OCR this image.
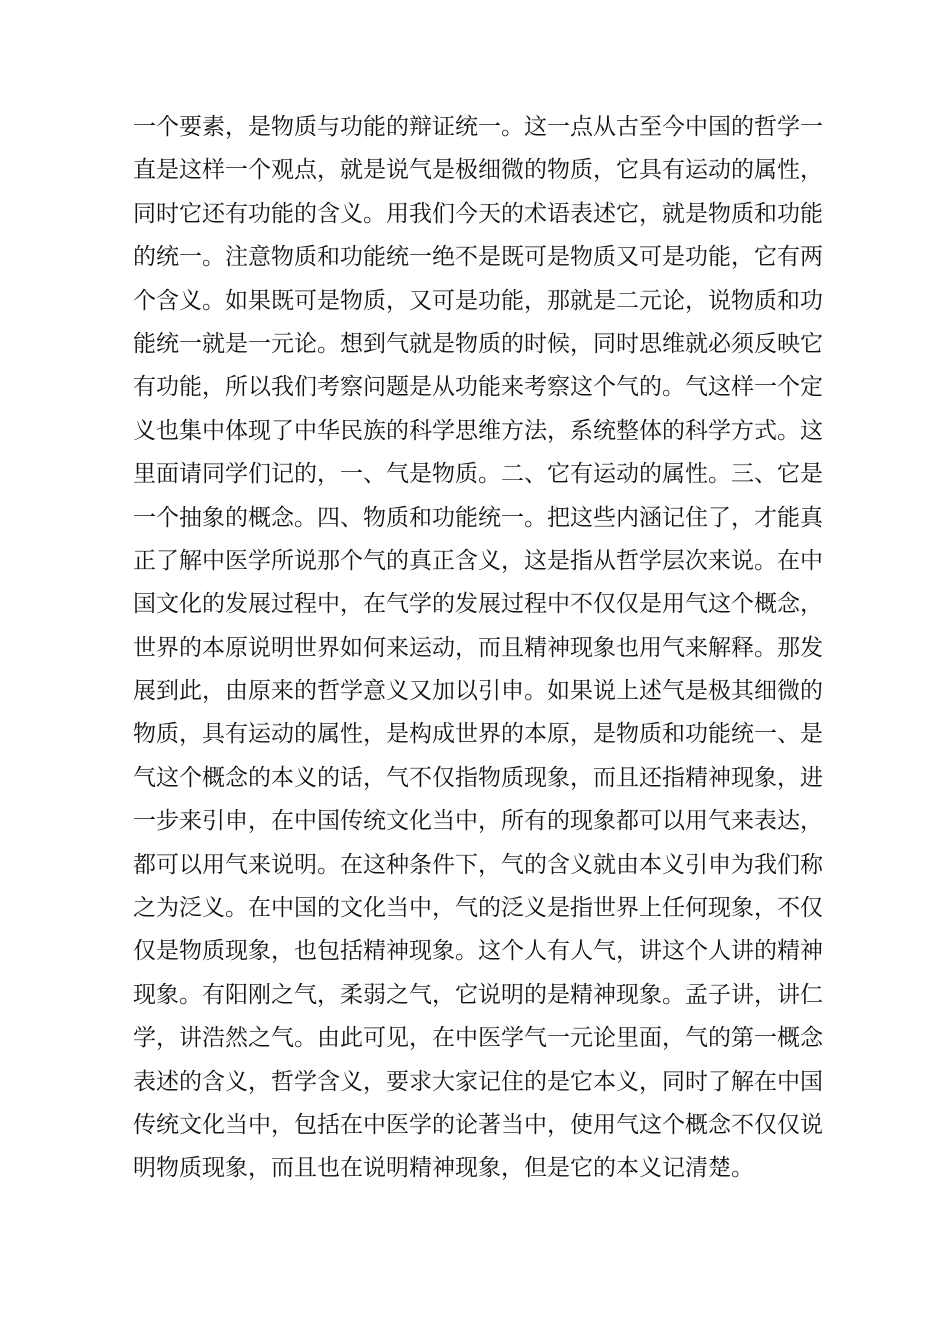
一个要素，是物质与功能的辩证统一。这一点从古至今中国的哲学一
直是这样一个观点，就是说气是极细微的物质，它具有运动的属性，
同时它还有功能的含义。用我们今天的术语表述它，就是物质和功能
的统一。注意物质和功能统一绝不是既可是物质又可是功能，它有两
个含义。如果既可是物质，又可是功能，那就是二元论，说物质和功
能统一就是一元论。想到气就是物质的时候，同时思维就必须反映它
有功能，所以我们考察问题是从功能来考察这个气的。气这样一个定
义也集中体现了中华民族的科学思维方法，系统整体的科学方式。这
里面请同学们记的，一、气是物质。二、它有运动的属性。三、它是
一个抽象的概念。四、物质和功能统一。把这些内涵记住了，才能真
正了解中医学所说那个气的真正含义，这是指从哲学层次来说。在中
国文化的发展过程中，在气学的发展过程中不仅仅是用气这个概念，
世界的本原说明世界如何来运动，而且精神现象也用气来解释。那发
展到此，由原来的哲学意义又加以引申。如果说上述气是极其细微的
物质，具有运动的属性，是构成世界的本原，是物质和功能统一、是
气这个概念的本义的话，气不仅指物质现象，而且还指精神现象，进
一步来引申，在中国传统文化当中，所有的现象都可以用气来表达，
都可以用气来说明。在这种条件下，气的含义就由本义引申为我们称
之为泛义。在中国的文化当中，气的泛义是指世界上任何现象，不仅
仅是物质现象，也包括精神现象。这个人有人气，讲这个人讲的精神
现象。有阳刚之气，柔弱之气，它说明的是精神现象。孟子讲，讲仁
学，讲浩然之气。由此可见，在中医学气一元论里面，气的第一概念
表述的含义，哲学含义，要求大家记住的是它本义，同时了解在中国
传统文化当中，包括在中医学的论著当中，使用气这个概念不仅仅说
明物质现象，而且也在说明精神现象，但是它的本义记清楚。
